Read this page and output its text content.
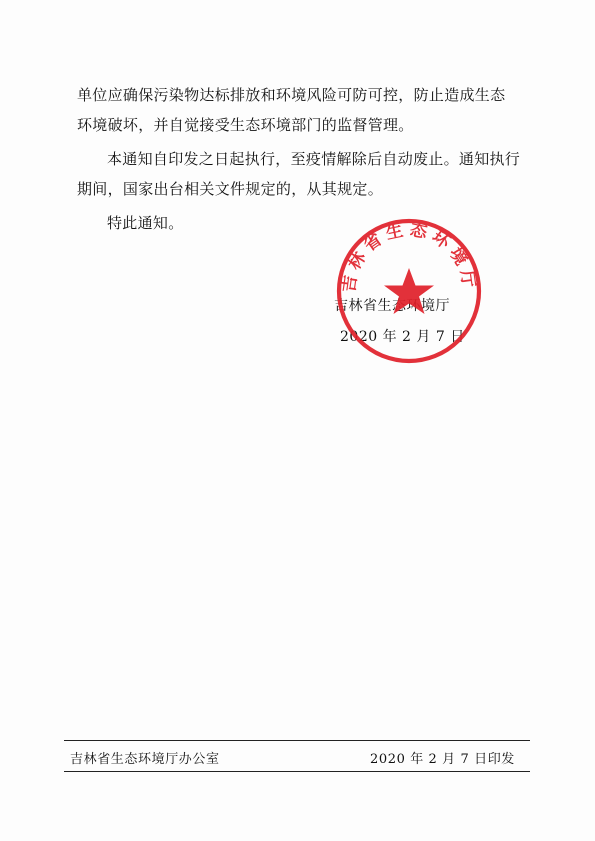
单位应确保污染物达标排放和环境风险可防可控，防止造成生态
环境破坏，并自觉接受生态环境部门的监督管理。
本通知自印发之日起执行，至疫情解除后自动废止。通知执行
期间，国家出台相关文件规定的，从其规定。
特此通知。
吉林省生态环境厅
2020 年 2 月 7 日
吉林省生态环境厅
吉林省生态环境厅办公室	2020 年 2 月 7 日印发
